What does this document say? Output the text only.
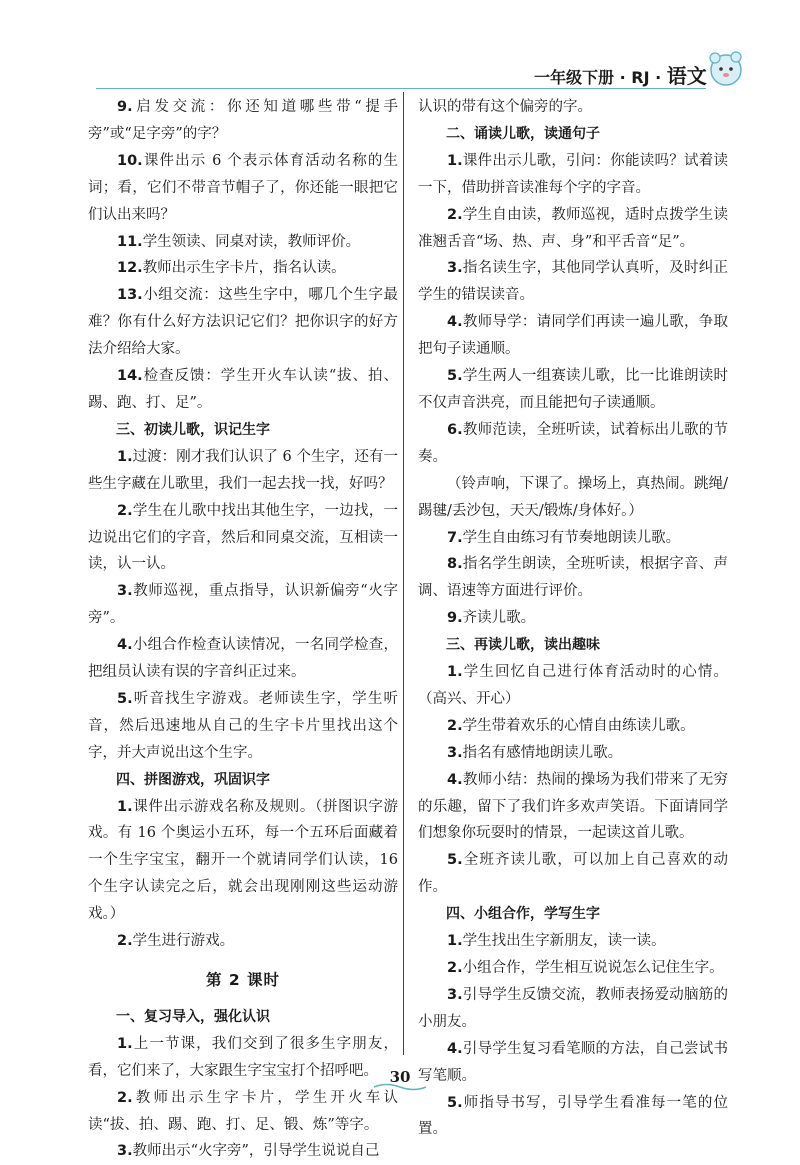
一年级下册 · RJ · 语文

9.启发交流：你还知道哪些带“提手旁”或“足字旁”的字？

10.课件出示 6 个表示体育活动名称的生词；看，它们不带音节帽子了，你还能一眼把它们认出来吗？

11.学生领读、同桌对读，教师评价。

12.教师出示生字卡片，指名认读。

13.小组交流：这些生字中，哪几个生字最难？你有什么好方法识记它们？把你识字的好方法介绍给大家。

14.检查反馈：学生开火车认读“拔、拍、踢、跑、打、足”。

三、初读儿歌，识记生字

1.过渡：刚才我们认识了 6 个生字，还有一些生字藏在儿歌里，我们一起去找一找，好吗？

2.学生在儿歌中找出其他生字，一边找，一边说出它们的字音，然后和同桌交流，互相读一读，认一认。

3.教师巡视，重点指导，认识新偏旁“火字旁”。

4.小组合作检查认读情况，一名同学检查，把组员认读有误的字音纠正过来。

5.听音找生字游戏。老师读生字，学生听音，然后迅速地从自己的生字卡片里找出这个字，并大声说出这个生字。

四、拼图游戏，巩固识字

1.课件出示游戏名称及规则。（拼图识字游戏。有 16 个奥运小五环，每一个五环后面藏着一个生字宝宝，翻开一个就请同学们认读，16 个生字认读完之后，就会出现刚刚这些运动游戏。）

2.学生进行游戏。

第 2 课时

一、复习导入，强化认识

1.上一节课，我们交到了很多生字朋友，看，它们来了，大家跟生字宝宝打个招呼吧。

2.教师出示生字卡片，学生开火车认读“拔、拍、踢、跑、打、足、锻、炼”等字。

3.教师出示“火字旁”，引导学生说说自己

认识的带有这个偏旁的字。

二、诵读儿歌，读通句子

1.课件出示儿歌，引问：你能读吗？试着读一下，借助拼音读准每个字的字音。

2.学生自由读，教师巡视，适时点拨学生读准翘舌音“场、热、声、身”和平舌音“足”。

3.指名读生字，其他同学认真听，及时纠正学生的错误读音。

4.教师导学：请同学们再读一遍儿歌，争取把句子读通顺。

5.学生两人一组赛读儿歌，比一比谁朗读时不仅声音洪亮，而且能把句子读通顺。

6.教师范读，全班听读，试着标出儿歌的节奏。

（铃声响，下课了。操场上，真热闹。跳绳/踢毽/丢沙包，天天/锻炼/身体好。）

7.学生自由练习有节奏地朗读儿歌。

8.指名学生朗读，全班听读，根据字音、声调、语速等方面进行评价。

9.齐读儿歌。

三、再读儿歌，读出趣味

1.学生回忆自己进行体育活动时的心情。（高兴、开心）

2.学生带着欢乐的心情自由练读儿歌。

3.指名有感情地朗读儿歌。

4.教师小结：热闹的操场为我们带来了无穷的乐趣，留下了我们许多欢声笑语。下面请同学们想象你玩耍时的情景，一起读这首儿歌。

5.全班齐读儿歌，可以加上自己喜欢的动作。

四、小组合作，学写生字

1.学生找出生字新朋友，读一读。

2.小组合作，学生相互说说怎么记住生字。

3.引导学生反馈交流，教师表扬爱动脑筋的小朋友。

4.引导学生复习看笔顺的方法，自己尝试书写笔顺。

5.师指导书写，引导学生看准每一笔的位置。

30
